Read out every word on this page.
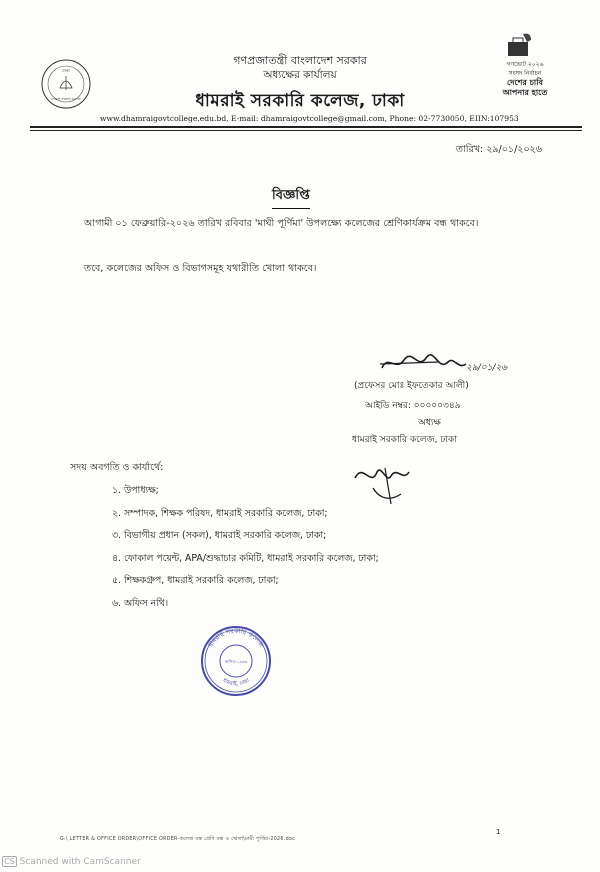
ঢাকা
ধামরাই সরকারি কলেজ
গণপ্রজাতন্ত্রী বাংলাদেশ সরকার
অধ্যক্ষের কার্যালয়
ধামরাই সরকারি কলেজ, ঢাকা
www.dhamraigovtcollege.edu.bd, E-mail: dhamraigovtcollege@gmail.com, Phone: 02-7730050, EIIN:107953
গণভোট ২০২৬
সংসদ নির্বাচন
দেশের চাবি
আপনার হাতে
তারিখ: ২৯/০১/২০২৬
বিজ্ঞপ্তি
আগামী ০১ ফেব্রুয়ারি-২০২৬ তারিখ রবিবার 'মাঘী পূর্ণিমা' উপলক্ষ্যে কলেজের শ্রেণিকার্যক্রম বন্ধ থাকবে।
তবে, কলেজের অফিস ও বিভাগসমূহ যথারীতি খোলা থাকবে।
২৯/০১/২৬
(প্রফেসর মোঃ ইফতেকার আলী)
আইডি নম্বর: ০০০০০৩৪৯
অধ্যক্ষ
ধামরাই সরকারি কলেজ, ঢাকা
সদয় অবগতি ও কার্যার্থে:
১. উপাধ্যক্ষ;
২. সম্পাদক, শিক্ষক পরিষদ, ধামরাই সরকারি কলেজ, ঢাকা;
৩. বিভাগীয় প্রধান (সকল), ধামরাই সরকারি কলেজ, ঢাকা;
৪. ফোকাল পয়েন্ট, APA/শুদ্ধাচার কমিটি, ধামরাই সরকারি কলেজ, ঢাকা;
৫. শিক্ষকগ্রুপ, ধামরাই সরকারি কলেজ, ঢাকা;
৬. অফিস নথি।
ধামরাই সরকারি কলেজ
স্থাপিত-১৯৬৩
ধামরাই, ঢাকা
G:\ LETTER & OFFICE ORDER\OFFICE ORDER-কলেজ বন্ধ প্রেণি বন্ধ ও খোলা\মাঘী পূর্ণিমা-2026.doc
1
CS Scanned with CamScanner
